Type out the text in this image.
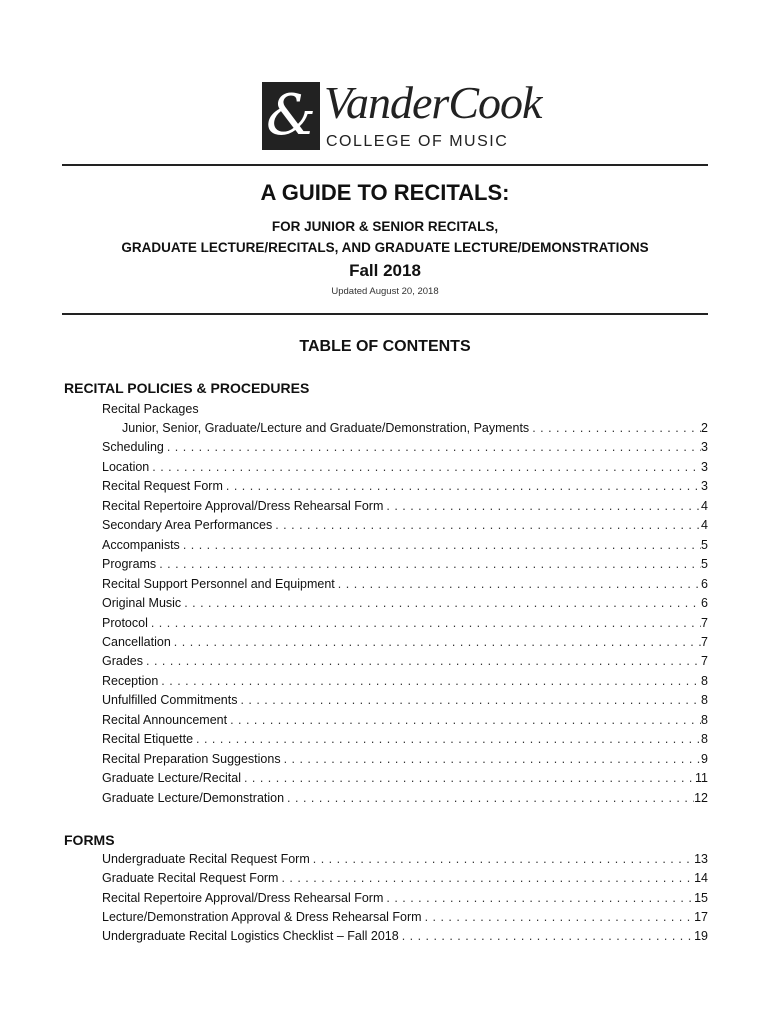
& VanderCook
COLLEGE OF MUSIC
A GUIDE TO RECITALS:
FOR JUNIOR & SENIOR RECITALS,
GRADUATE LECTURE/RECITALS, AND GRADUATE LECTURE/DEMONSTRATIONS
Fall 2018
Updated August 20, 2018
TABLE OF CONTENTS
RECITAL POLICIES & PROCEDURES
Recital Packages
Junior, Senior, Graduate/Lecture and Graduate/Demonstration, Payments . . .	2
Scheduling . . .	3
Location . . .	3
Recital Request Form . . .	3
Recital Repertoire Approval/Dress Rehearsal Form . . .	4
Secondary Area Performances . . .	4
Accompanists . . .	5
Programs . . .	5
Recital Support Personnel and Equipment . . .	6
Original Music . . .	6
Protocol . . .	7
Cancellation . . .	7
Grades . . .	7
Reception . . .	8
Unfulfilled Commitments . . .	8
Recital Announcement . . .	8
Recital Etiquette . . .	8
Recital Preparation Suggestions . . .	9
Graduate Lecture/Recital . . .	11
Graduate Lecture/Demonstration . . .	12
FORMS
Undergraduate Recital Request Form . . .	13
Graduate Recital Request Form . . .	14
Recital Repertoire Approval/Dress Rehearsal Form . . .	15
Lecture/Demonstration Approval & Dress Rehearsal Form . . .	17
Undergraduate Recital Logistics Checklist – Fall 2018 . . .	19
